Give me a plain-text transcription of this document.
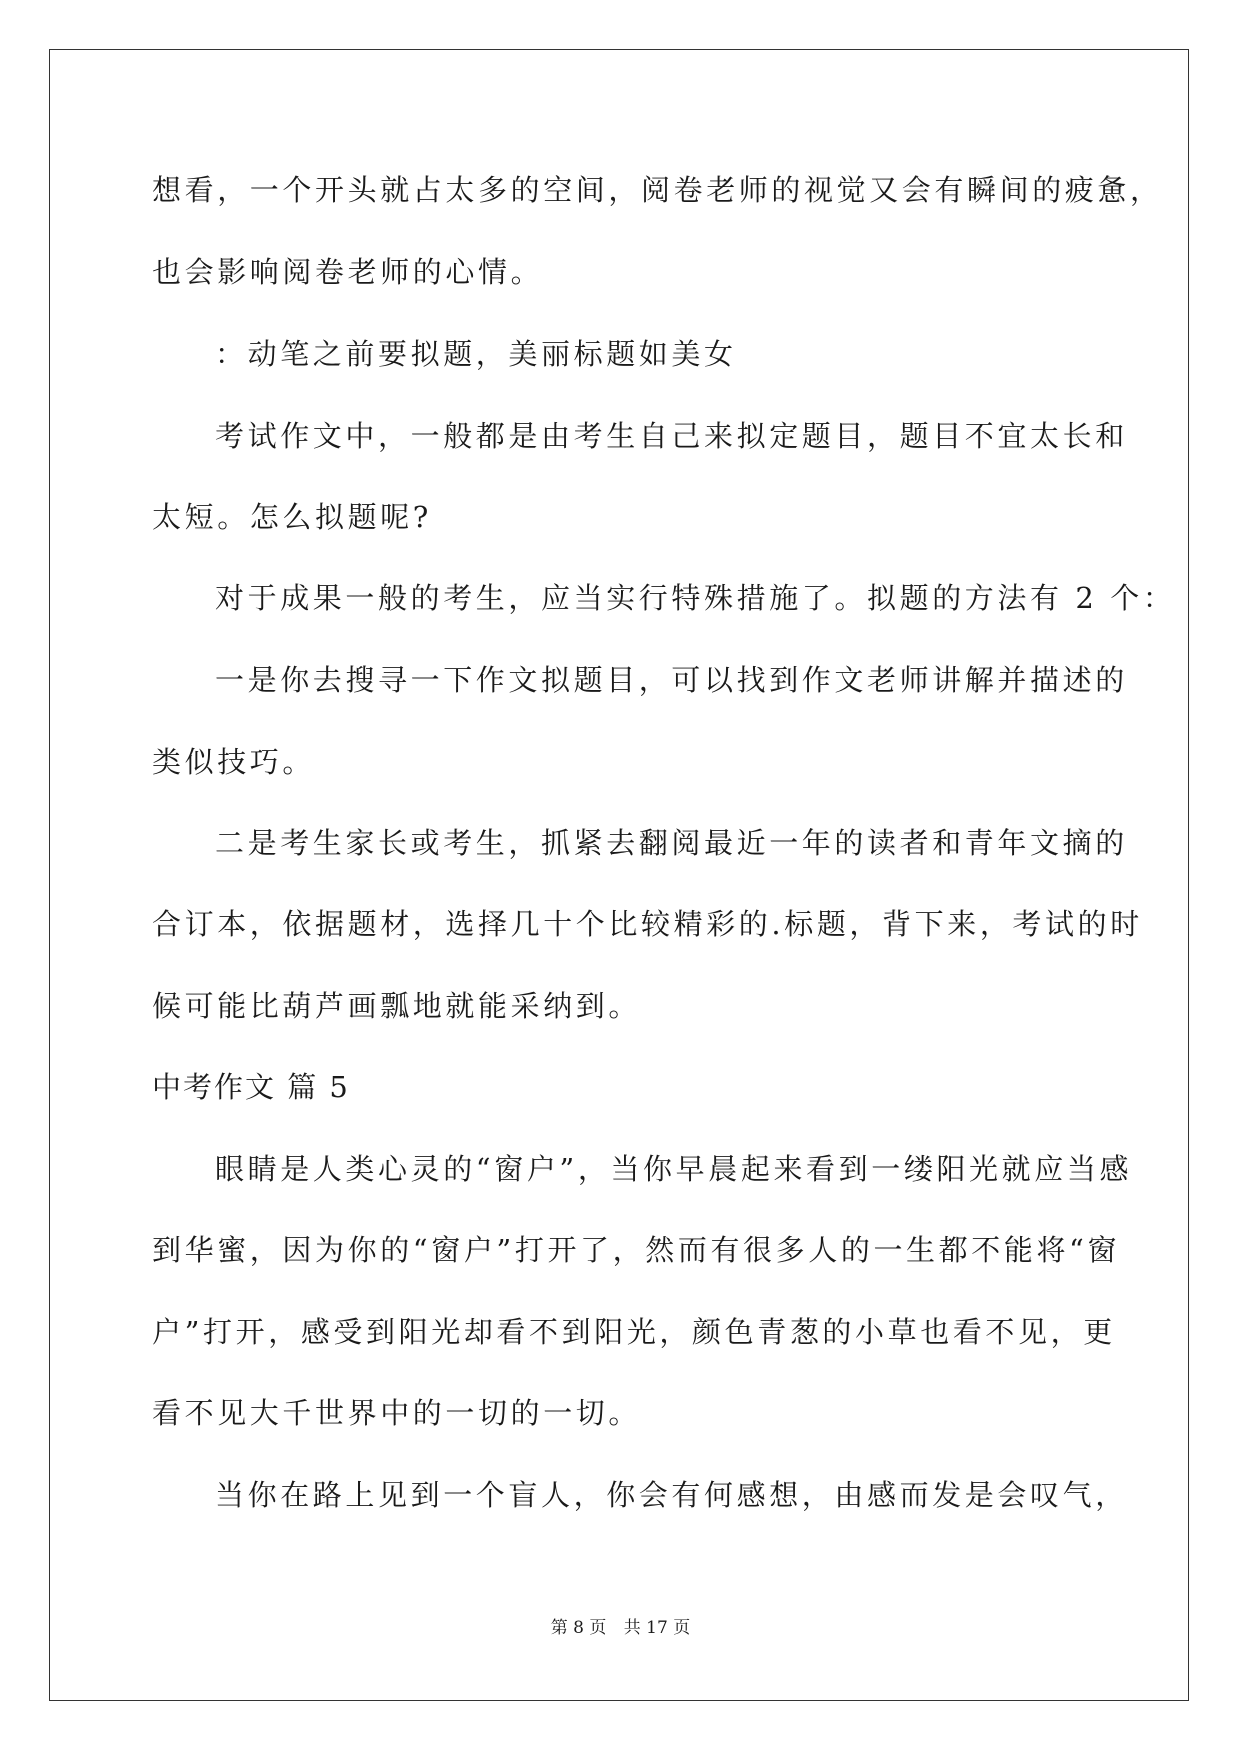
想看，一个开头就占太多的空间，阅卷老师的视觉又会有瞬间的疲惫，
也会影响阅卷老师的心情。
：动笔之前要拟题，美丽标题如美女
考试作文中，一般都是由考生自己来拟定题目，题目不宜太长和
太短。怎么拟题呢?
对于成果一般的考生，应当实行特殊措施了。拟题的方法有 2 个：
一是你去搜寻一下作文拟题目，可以找到作文老师讲解并描述的
类似技巧。
二是考生家长或考生，抓紧去翻阅最近一年的读者和青年文摘的
合订本，依据题材，选择几十个比较精彩的.标题，背下来，考试的时
候可能比葫芦画瓢地就能采纳到。
中考作文 篇 5
眼睛是人类心灵的“窗户”，当你早晨起来看到一缕阳光就应当感
到华蜜，因为你的“窗户”打开了，然而有很多人的一生都不能将“窗
户”打开，感受到阳光却看不到阳光，颜色青葱的小草也看不见，更
看不见大千世界中的一切的一切。
当你在路上见到一个盲人，你会有何感想，由感而发是会叹气，
第 8 页 共 17 页
